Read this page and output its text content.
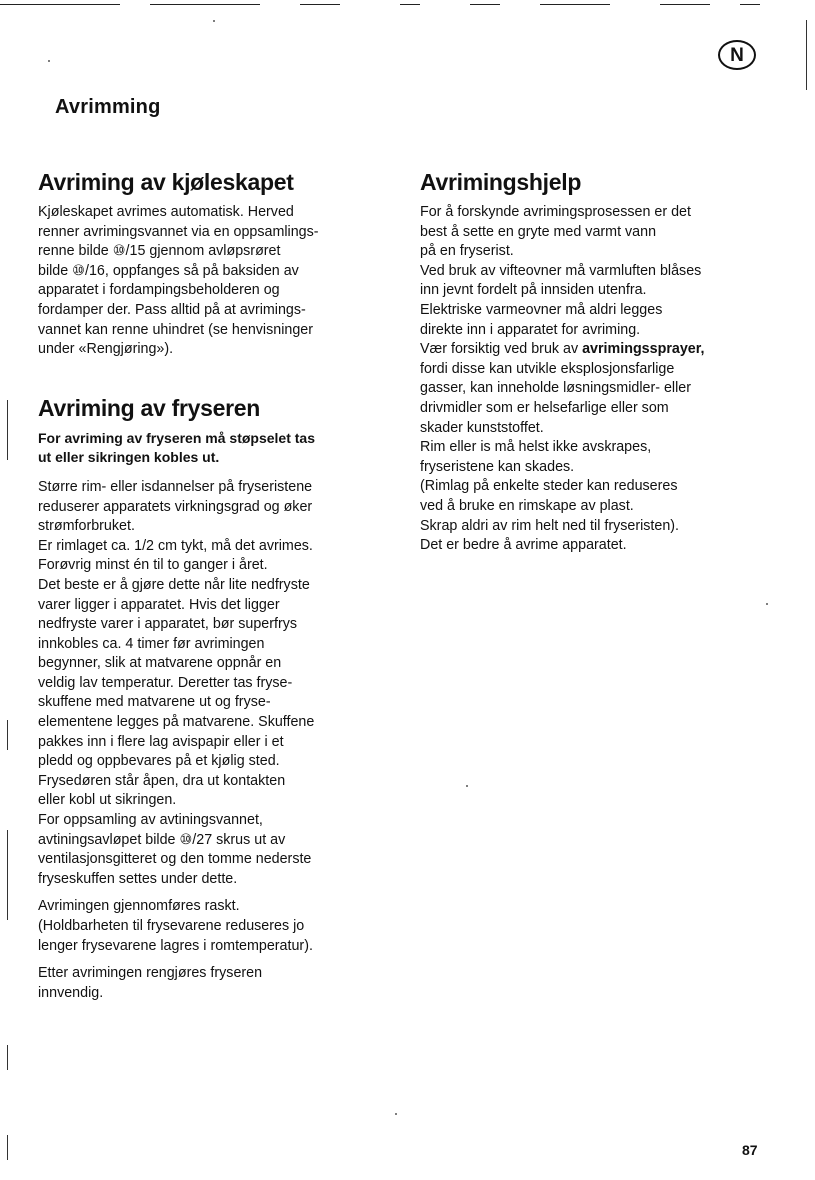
N
Avrimming
Avriming av kjøleskapet

Kjøleskapet avrimes automatisk. Herved
renner avrimingsvannet via en oppsamlings-
renne bilde ⑩/15 gjennom avløpsrøret
bilde ⑩/16, oppfanges så på baksiden av
apparatet i fordampingsbeholderen og
fordamper der. Pass alltid på at avrimings-
vannet kan renne uhindret (se henvisninger
under «Rengjøring»).

Avriming av fryseren

For avriming av fryseren må støpselet tas
ut eller sikringen kobles ut.

Større rim- eller isdannelser på fryseristene
reduserer apparatets virkningsgrad og øker
strømforbruket.
Er rimlaget ca. 1/2 cm tykt, må det avrimes.
Forøvrig minst én til to ganger i året.
Det beste er å gjøre dette når lite nedfryste
varer ligger i apparatet. Hvis det ligger
nedfryste varer i apparatet, bør superfrys
innkobles ca. 4 timer før avrimingen
begynner, slik at matvarene oppnår en
veldig lav temperatur. Deretter tas fryse-
skuffene med matvarene ut og fryse-
elementene legges på matvarene. Skuffene
pakkes inn i flere lag avispapir eller i et
pledd og oppbevares på et kjølig sted.
Frysedøren står åpen, dra ut kontakten
eller kobl ut sikringen.
For oppsamling av avtiningsvannet,
avtiningsavløpet bilde ⑩/27 skrus ut av
ventilasjonsgitteret og den tomme nederste
fryseskuffen settes under dette.

Avrimingen gjennomføres raskt.
(Holdbarheten til frysevarene reduseres jo
lenger frysevarene lagres i romtemperatur).

Etter avrimingen rengjøres fryseren
innvendig.

Avrimingshjelp

For å forskynde avrimingsprosessen er det
best å sette en gryte med varmt vann
på en fryserist.
Ved bruk av vifteovner må varmluften blåses
inn jevnt fordelt på innsiden utenfra.
Elektriske varmeovner må aldri legges
direkte inn i apparatet for avriming.
Vær forsiktig ved bruk av avrimingssprayer,
fordi disse kan utvikle eksplosjonsfarlige
gasser, kan inneholde løsningsmidler- eller
drivmidler som er helsefarlige eller som
skader kunststoffet.
Rim eller is må helst ikke avskrapes,
fryseristene kan skades.
(Rimlag på enkelte steder kan reduseres
ved å bruke en rimskape av plast.
Skrap aldri av rim helt ned til fryseristen).
Det er bedre å avrime apparatet.

87
